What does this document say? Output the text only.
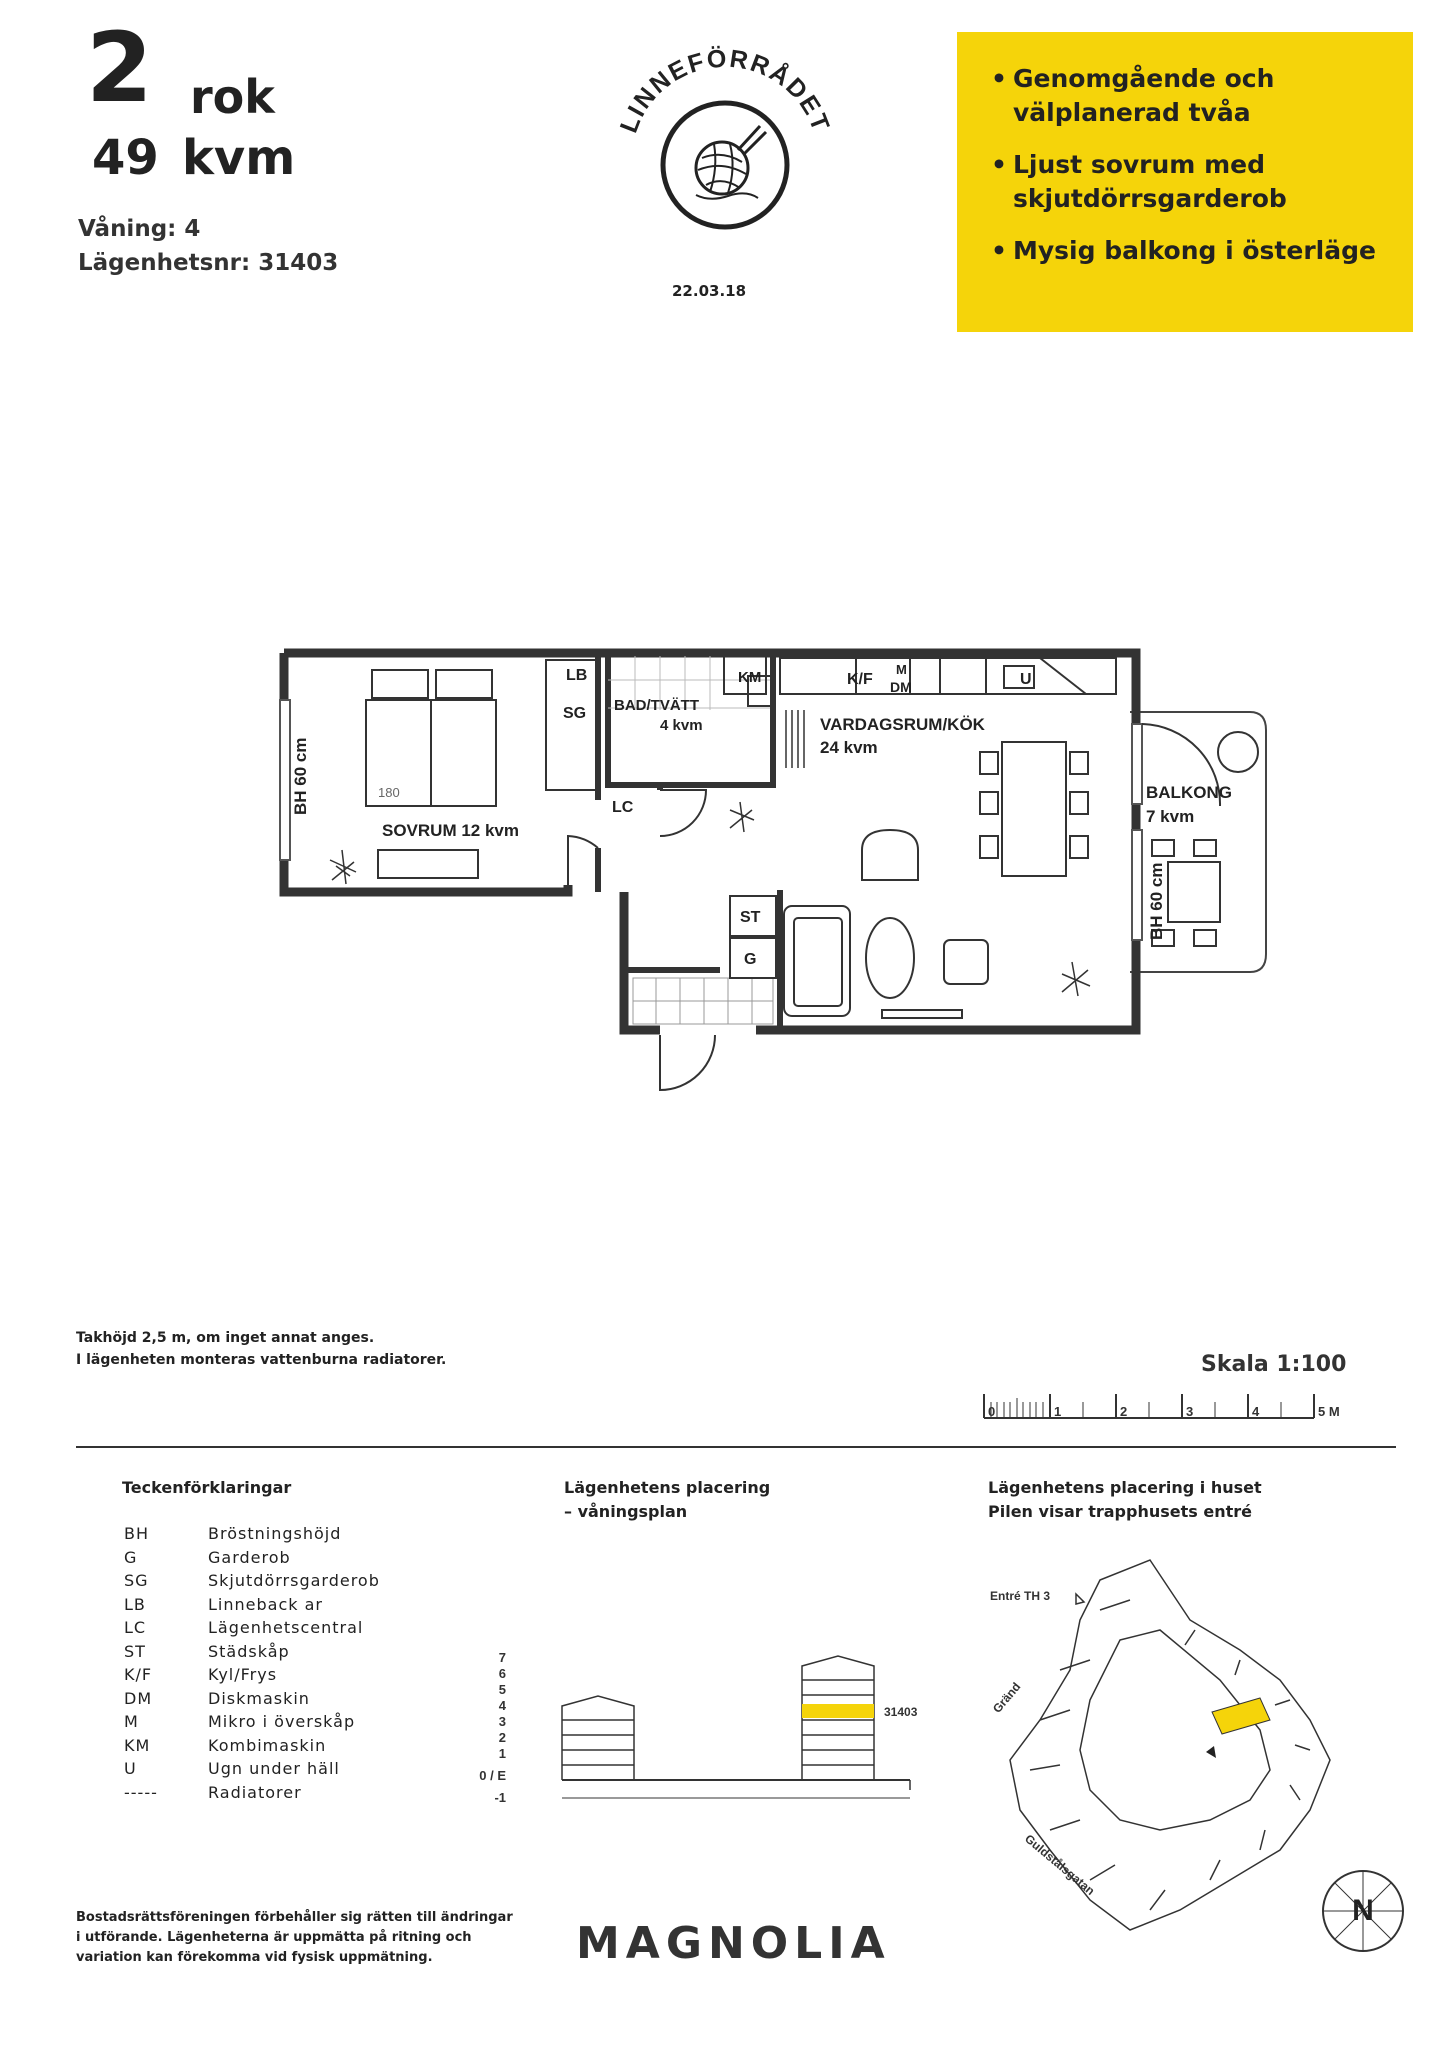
2 rok
49 kvm
Våning: 4
Lägenhetsnr: 31403
LINNEFÖRRÅDET
22.03.18
• Genomgående och välplanerad tvåa
• Ljust sovrum med skjutdörrsgarderob
• Mysig balkong i österläge
BH 60 cm
BH 60 cm
LB
SG BAD/TVÄTT
4 kvm
LC
KM	K/F
M
DM	U
VARDAGSRUM/KÖK
24 kvm
BALKONG
7 kvm
SOVRUM 12 kvm
ST
G
180
Takhöjd 2,5 m, om inget annat anges.
I lägenheten monteras vattenburna radiatorer.	Skala 1:100
0	1	2	3	4	5 M
Teckenförklaringar
BH	Bröstningshöjd
G	Garderob
SG	Skjutdörrsgarderob
LB	Linneback ar
LC	Lägenhetscentral
ST	Städskåp
K/F	Kyl/Frys
DM	Diskmaskin
M	Mikro i överskåp
KM	Kombimaskin
U	Ugn under häll
-----	Radiatorer
Lägenhetens placering
– våningsplan
7
6
5
4
3
2
1
0 / E
-1
31403
Lägenhetens placering i huset
Pilen visar trapphusets entré
Entré TH 3
Gränd
Guldstålsgatan
N
Bostadsrättsföreningen förbehåller sig rätten till ändringar
i utförande. Lägenheterna är uppmätta på ritning och
variation kan förekomma vid fysisk uppmätning.	MAGNOLIA
